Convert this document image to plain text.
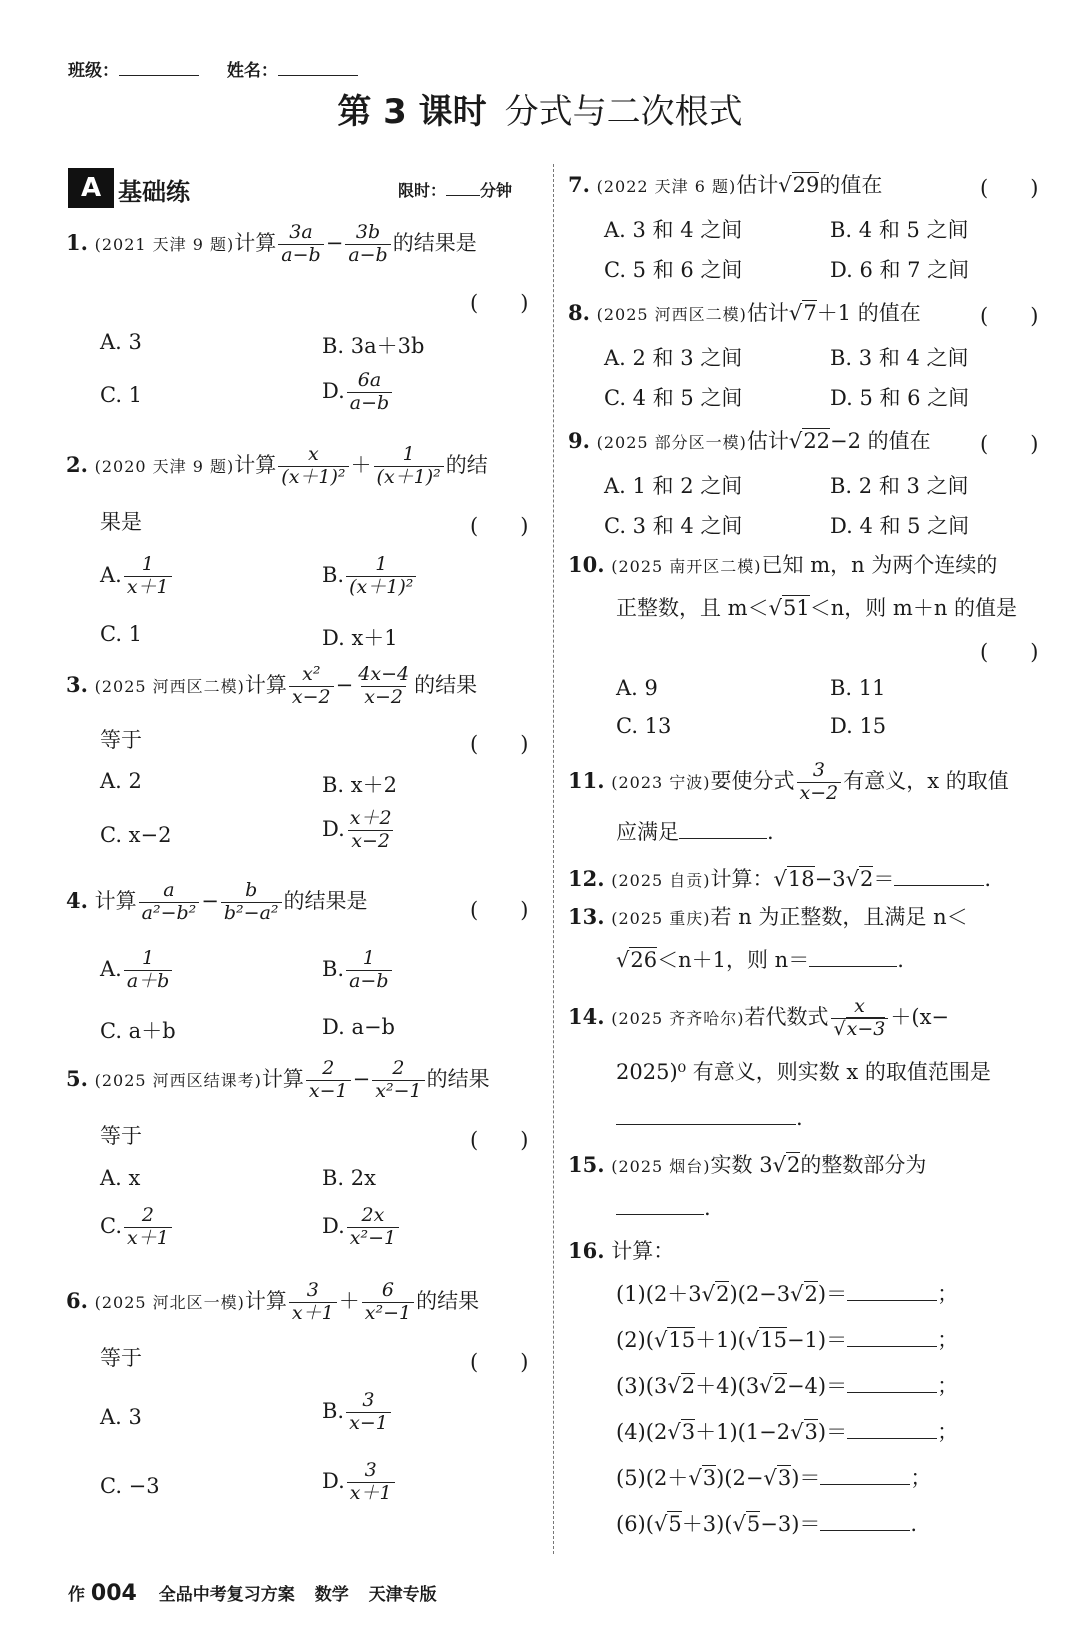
班级：	姓名：
第 3 课时 分式与二次根式
A 基础练	限时： 分钟
1. (2021 天津 9 题)计算 $\frac{3a}{a-b} - \frac{3b}{a-b}$ 的结果是
(　　)
A. 3	B. 3a＋3b
C. 1	D. $\frac{6a}{a-b}$
2. (2020 天津 9 题)计算 $\frac{x}{\text{(x＋1)²}} + \frac{1}{\text{(x＋1)²}}$ 的结
果是	(　　)
A. $\frac{1}{x+1}$	B. $\frac{1}{\text{(x＋1)²}}$
C. 1	D. x＋1
3. (2025 河西区二模)计算 $\frac{\text{x²}}{x-2} - \frac{4x-4}{x-2}$ 的结果
等于	(　　)
A. 2	B. x＋2
C. x−2	D. $\frac{x+2}{x-2}$
4. 计算 $\frac{a}{\text{a²−b²}} - \frac{b}{\text{b²−a²}}$ 的结果是	(　　)
A. $\frac{1}{a+b}$	B. $\frac{1}{a-b}$
C. a＋b	D. a−b
5. (2025 河西区结课考)计算 $\frac{2}{x-1} - \frac{2}{\text{x²−1}}$ 的结果
等于	(　　)
A. x	B. 2x
C. $\frac{2}{x+1}$	D. $\frac{2x}{\text{x²−1}}$
6. (2025 河北区一模)计算 $\frac{3}{x+1} + \frac{6}{\text{x²−1}}$ 的结果
等于	(　　)
A. 3	B. $\frac{3}{x-1}$
C. −3	D. $\frac{3}{x+1}$
7. (2022 天津 6 题)估计√29的值在	(　　)
A. 3 和 4 之间	B. 4 和 5 之间
C. 5 和 6 之间	D. 6 和 7 之间
8. (2025 河西区二模)估计√7＋1 的值在	(　　)
A. 2 和 3 之间	B. 3 和 4 之间
C. 4 和 5 之间	D. 5 和 6 之间
9. (2025 部分区一模)估计√22−2 的值在 (　　)
A. 1 和 2 之间	B. 2 和 3 之间
C. 3 和 4 之间	D. 4 和 5 之间
10. (2025 南开区二模)已知 m，n 为两个连续的
正整数，且 m＜√51＜n，则 m＋n 的值是
(　　)
A. 9	B. 11
C. 13	D. 15
11. (2023 宁波)要使分式 $\frac{3}{x-2}$ 有意义，x 的取值
应满足	.
12. (2025 自贡)计算：√18−3√2＝	.
13. (2025 重庆)若 n 为正整数，且满足 n＜
√26＜n＋1，则 n＝	.
14. (2025 齐齐哈尔)若代数式 $\frac{x}{√x-3} +(x-$
2025)⁰ 有意义，则实数 x 的取值范围是
.
15. (2025 烟台)实数 3√2的整数部分为
.
16. 计算：
(1)(2＋3√2)(2−3√2)＝	；
(2)(√15＋1)(√15−1)＝	；
(3)(3√2＋4)(3√2−4)＝	；
(4)(2√3＋1)(1−2√3)＝	；
(5)(2＋√3)(2−√3)＝	；
(6)(√5＋3)(√5−3)＝	.
作 004 全品中考复习方案 数学 天津专版
